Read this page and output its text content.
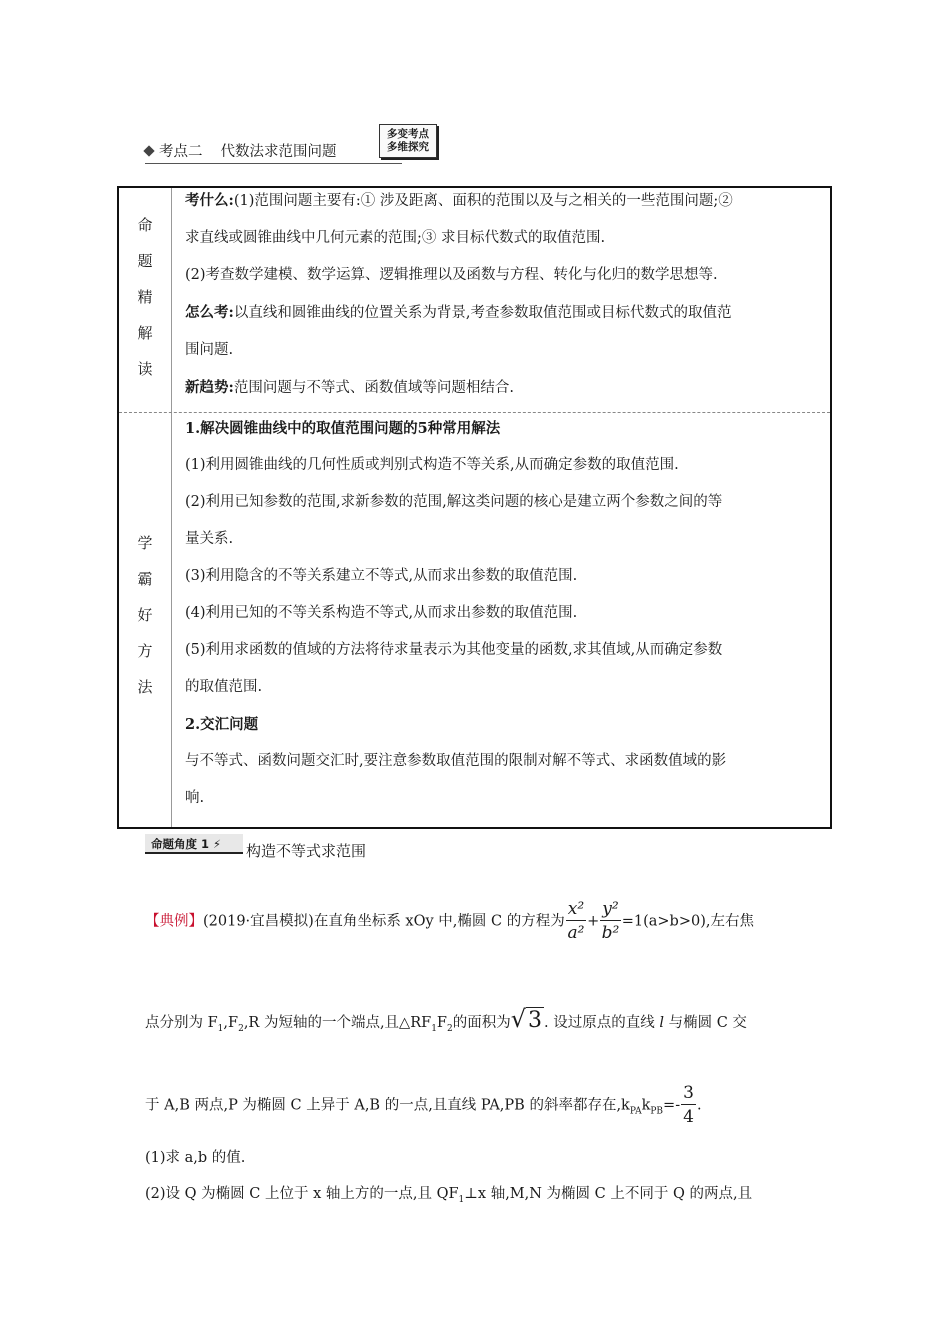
考点二 代数法求范围问题
多变考点
多维探究
命
题
精
解
读

考什么:(1)范围问题主要有:① 涉及距离、面积的范围以及与之相关的一些范围问题;②

求直线或圆锥曲线中几何元素的范围;③ 求目标代数式的取值范围.

(2)考查数学建模、数学运算、逻辑推理以及函数与方程、转化与化归的数学思想等.

怎么考:以直线和圆锥曲线的位置关系为背景,考查参数取值范围或目标代数式的取值范

围问题.

新趋势:范围问题与不等式、函数值域等问题相结合.

学
霸
好
方
法

1.解决圆锥曲线中的取值范围问题的5种常用解法

(1)利用圆锥曲线的几何性质或判别式构造不等关系,从而确定参数的取值范围.

(2)利用已知参数的范围,求新参数的范围,解这类问题的核心是建立两个参数之间的等

量关系.

(3)利用隐含的不等关系建立不等式,从而求出参数的取值范围.

(4)利用已知的不等关系构造不等式,从而求出参数的取值范围.

(5)利用求函数的值域的方法将待求量表示为其他变量的函数,求其值域,从而确定参数

的取值范围.

2.交汇问题

与不等式、函数问题交汇时,要注意参数取值范围的限制对解不等式、求函数值域的影

响.

命题角度 1 ⚡	构造不等式求范围
【典例】(2019·宜昌模拟)在直角坐标系 xOy 中,椭圆 C 的方程为 $\frac{\text{x²}}{\text{a²}} + \frac{\text{y²}}{\text{b²}} =1(a>b>0)$,左右焦
点分别为 $F_1,F_2,R$ 为短轴的一个端点,且$\triangle RF_1F_2$的面积为√3 . 设过原点的直线 l 与椭圆 C 交
于 A,B 两点,P 为椭圆 C 上异于 A,B 的一点,且直线 PA,PB 的斜率都存在$,k_{PA}k_{PB}=- \frac{3}{4}$ .
(1)求 a,b 的值.
(2)设 Q 为椭圆 C 上位于 x 轴上方的一点,且 $QF_1\perp x$ 轴,M,N 为椭圆 C 上不同于 Q 的两点,且
